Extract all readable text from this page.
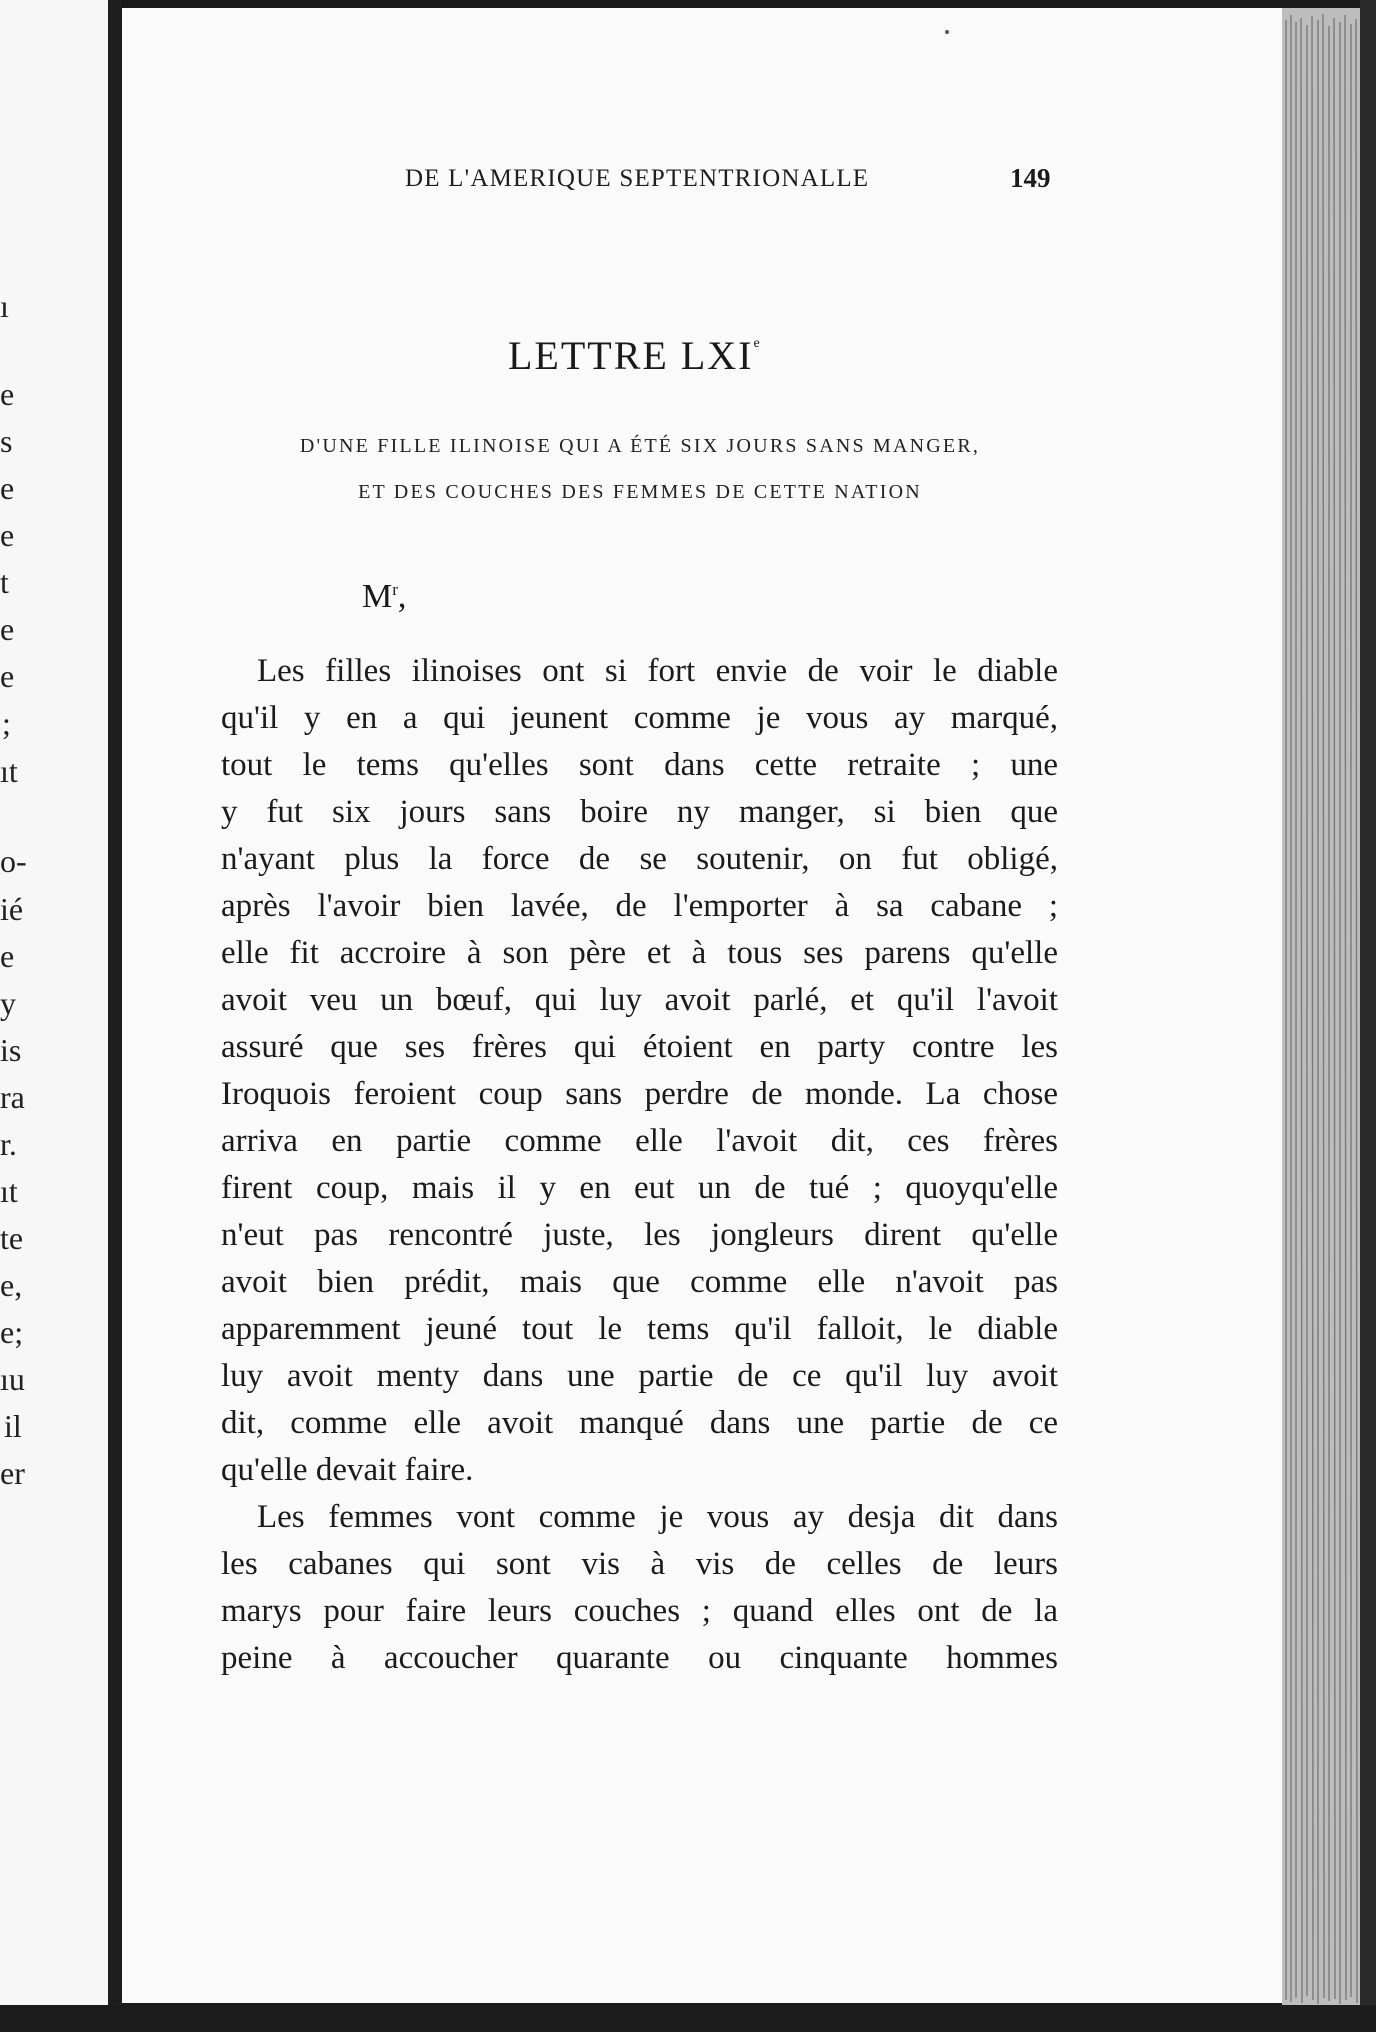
ı
e
s
e
e
t
e
e
;
ıt
o-
ié
e
y
is
ra
r.
ıt
te
e,
e;
ıu
il
er
DE L'AMERIQUE SEPTENTRIONALLE	149
LETTRE LXIe
D'UNE FILLE ILINOISE QUI A ÉTÉ SIX JOURS SANS MANGER,
ET DES COUCHES DES FEMMES DE CETTE NATION
$M^r$,
Les filles ilinoises ont si fort envie de voir le diable
qu'il y en a qui jeunent comme je vous ay marqué,
tout le tems qu'elles sont dans cette retraite ; une
y fut six jours sans boire ny manger, si bien que
n'ayant plus la force de se soutenir, on fut obligé,
après l'avoir bien lavée, de l'emporter à sa cabane ;
elle fit accroire à son père et à tous ses parens qu'elle
avoit veu un bœuf, qui luy avoit parlé, et qu'il l'avoit
assuré que ses frères qui étoient en party contre les
Iroquois feroient coup sans perdre de monde. La chose
arriva en partie comme elle l'avoit dit, ces frères
firent coup, mais il y en eut un de tué ; quoyqu'elle
n'eut pas rencontré juste, les jongleurs dirent qu'elle
avoit bien prédit, mais que comme elle n'avoit pas
apparemment jeuné tout le tems qu'il falloit, le diable
luy avoit menty dans une partie de ce qu'il luy avoit
dit, comme elle avoit manqué dans une partie de ce
qu'elle devait faire.
Les femmes vont comme je vous ay desja dit dans
les cabanes qui sont vis à vis de celles de leurs
marys pour faire leurs couches ; quand elles ont de la
peine à accoucher quarante ou cinquante hommes
